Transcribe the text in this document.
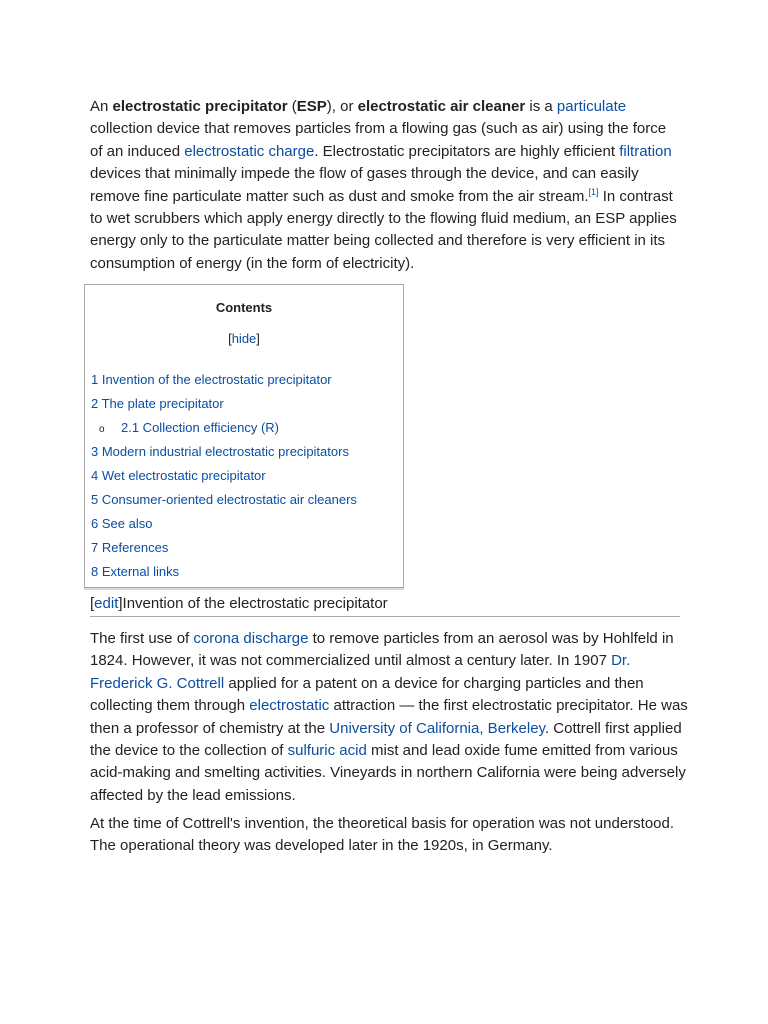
An electrostatic precipitator (ESP), or electrostatic air cleaner is a particulate collection device that removes particles from a flowing gas (such as air) using the force of an induced electrostatic charge. Electrostatic precipitators are highly efficient filtration devices that minimally impede the flow of gases through the device, and can easily remove fine particulate matter such as dust and smoke from the air stream.[1] In contrast to wet scrubbers which apply energy directly to the flowing fluid medium, an ESP applies energy only to the particulate matter being collected and therefore is very efficient in its consumption of energy (in the form of electricity).

Contents
[hide]
1 Invention of the electrostatic precipitator
2 The plate precipitator
o 2.1 Collection efficiency (R)
3 Modern industrial electrostatic precipitators
4 Wet electrostatic precipitator
5 Consumer-oriented electrostatic air cleaners
6 See also
7 References
8 External links
[edit]Invention of the electrostatic precipitator

The first use of corona discharge to remove particles from an aerosol was by Hohlfeld in 1824. However, it was not commercialized until almost a century later. In 1907 Dr. Frederick G. Cottrell applied for a patent on a device for charging particles and then collecting them through electrostatic attraction — the first electrostatic precipitator. He was then a professor of chemistry at the University of California, Berkeley. Cottrell first applied the device to the collection of sulfuric acid mist and lead oxide fume emitted from various acid-making and smelting activities. Vineyards in northern California were being adversely affected by the lead emissions.

At the time of Cottrell's invention, the theoretical basis for operation was not understood. The operational theory was developed later in the 1920s, in Germany.
